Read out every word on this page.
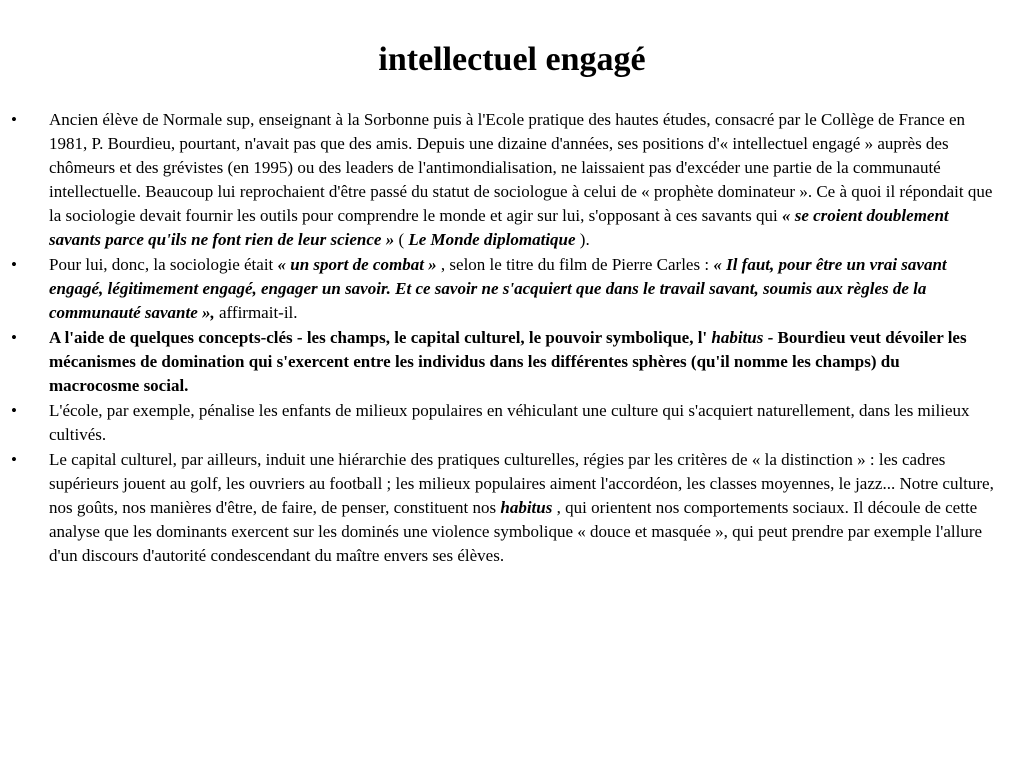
intellectuel engagé
• Ancien élève de Normale sup, enseignant à la Sorbonne puis à l'Ecole pratique des hautes études, consacré par le Collège de France en 1981, P. Bourdieu, pourtant, n'avait pas que des amis. Depuis une dizaine d'années, ses positions d'« intellectuel engagé » auprès des chômeurs et des grévistes (en 1995) ou des leaders de l'antimondialisation, ne laissaient pas d'excéder une partie de la communauté intellectuelle. Beaucoup lui reprochaient d'être passé du statut de sociologue à celui de « prophète dominateur ». Ce à quoi il répondait que la sociologie devait fournir les outils pour comprendre le monde et agir sur lui, s'opposant à ces savants qui « se croient doublement savants parce qu'ils ne font rien de leur science » ( Le Monde diplomatique ).
• Pour lui, donc, la sociologie était « un sport de combat » , selon le titre du film de Pierre Carles : « Il faut, pour être un vrai savant engagé, légitimement engagé, engager un savoir. Et ce savoir ne s'acquiert que dans le travail savant, soumis aux règles de la communauté savante », affirmait-il.
• A l'aide de quelques concepts-clés - les champs, le capital culturel, le pouvoir symbolique, l' habitus - Bourdieu veut dévoiler les mécanismes de domination qui s'exercent entre les individus dans les différentes sphères (qu'il nomme les champs) du macrocosme social.
• L'école, par exemple, pénalise les enfants de milieux populaires en véhiculant une culture qui s'acquiert naturellement, dans les milieux cultivés.
• Le capital culturel, par ailleurs, induit une hiérarchie des pratiques culturelles, régies par les critères de « la distinction » : les cadres supérieurs jouent au golf, les ouvriers au football ; les milieux populaires aiment l'accordéon, les classes moyennes, le jazz... Notre culture, nos goûts, nos manières d'être, de faire, de penser, constituent nos habitus , qui orientent nos comportements sociaux. Il découle de cette analyse que les dominants exercent sur les dominés une violence symbolique « douce et masquée », qui peut prendre par exemple l'allure d'un discours d'autorité condescendant du maître envers ses élèves.
